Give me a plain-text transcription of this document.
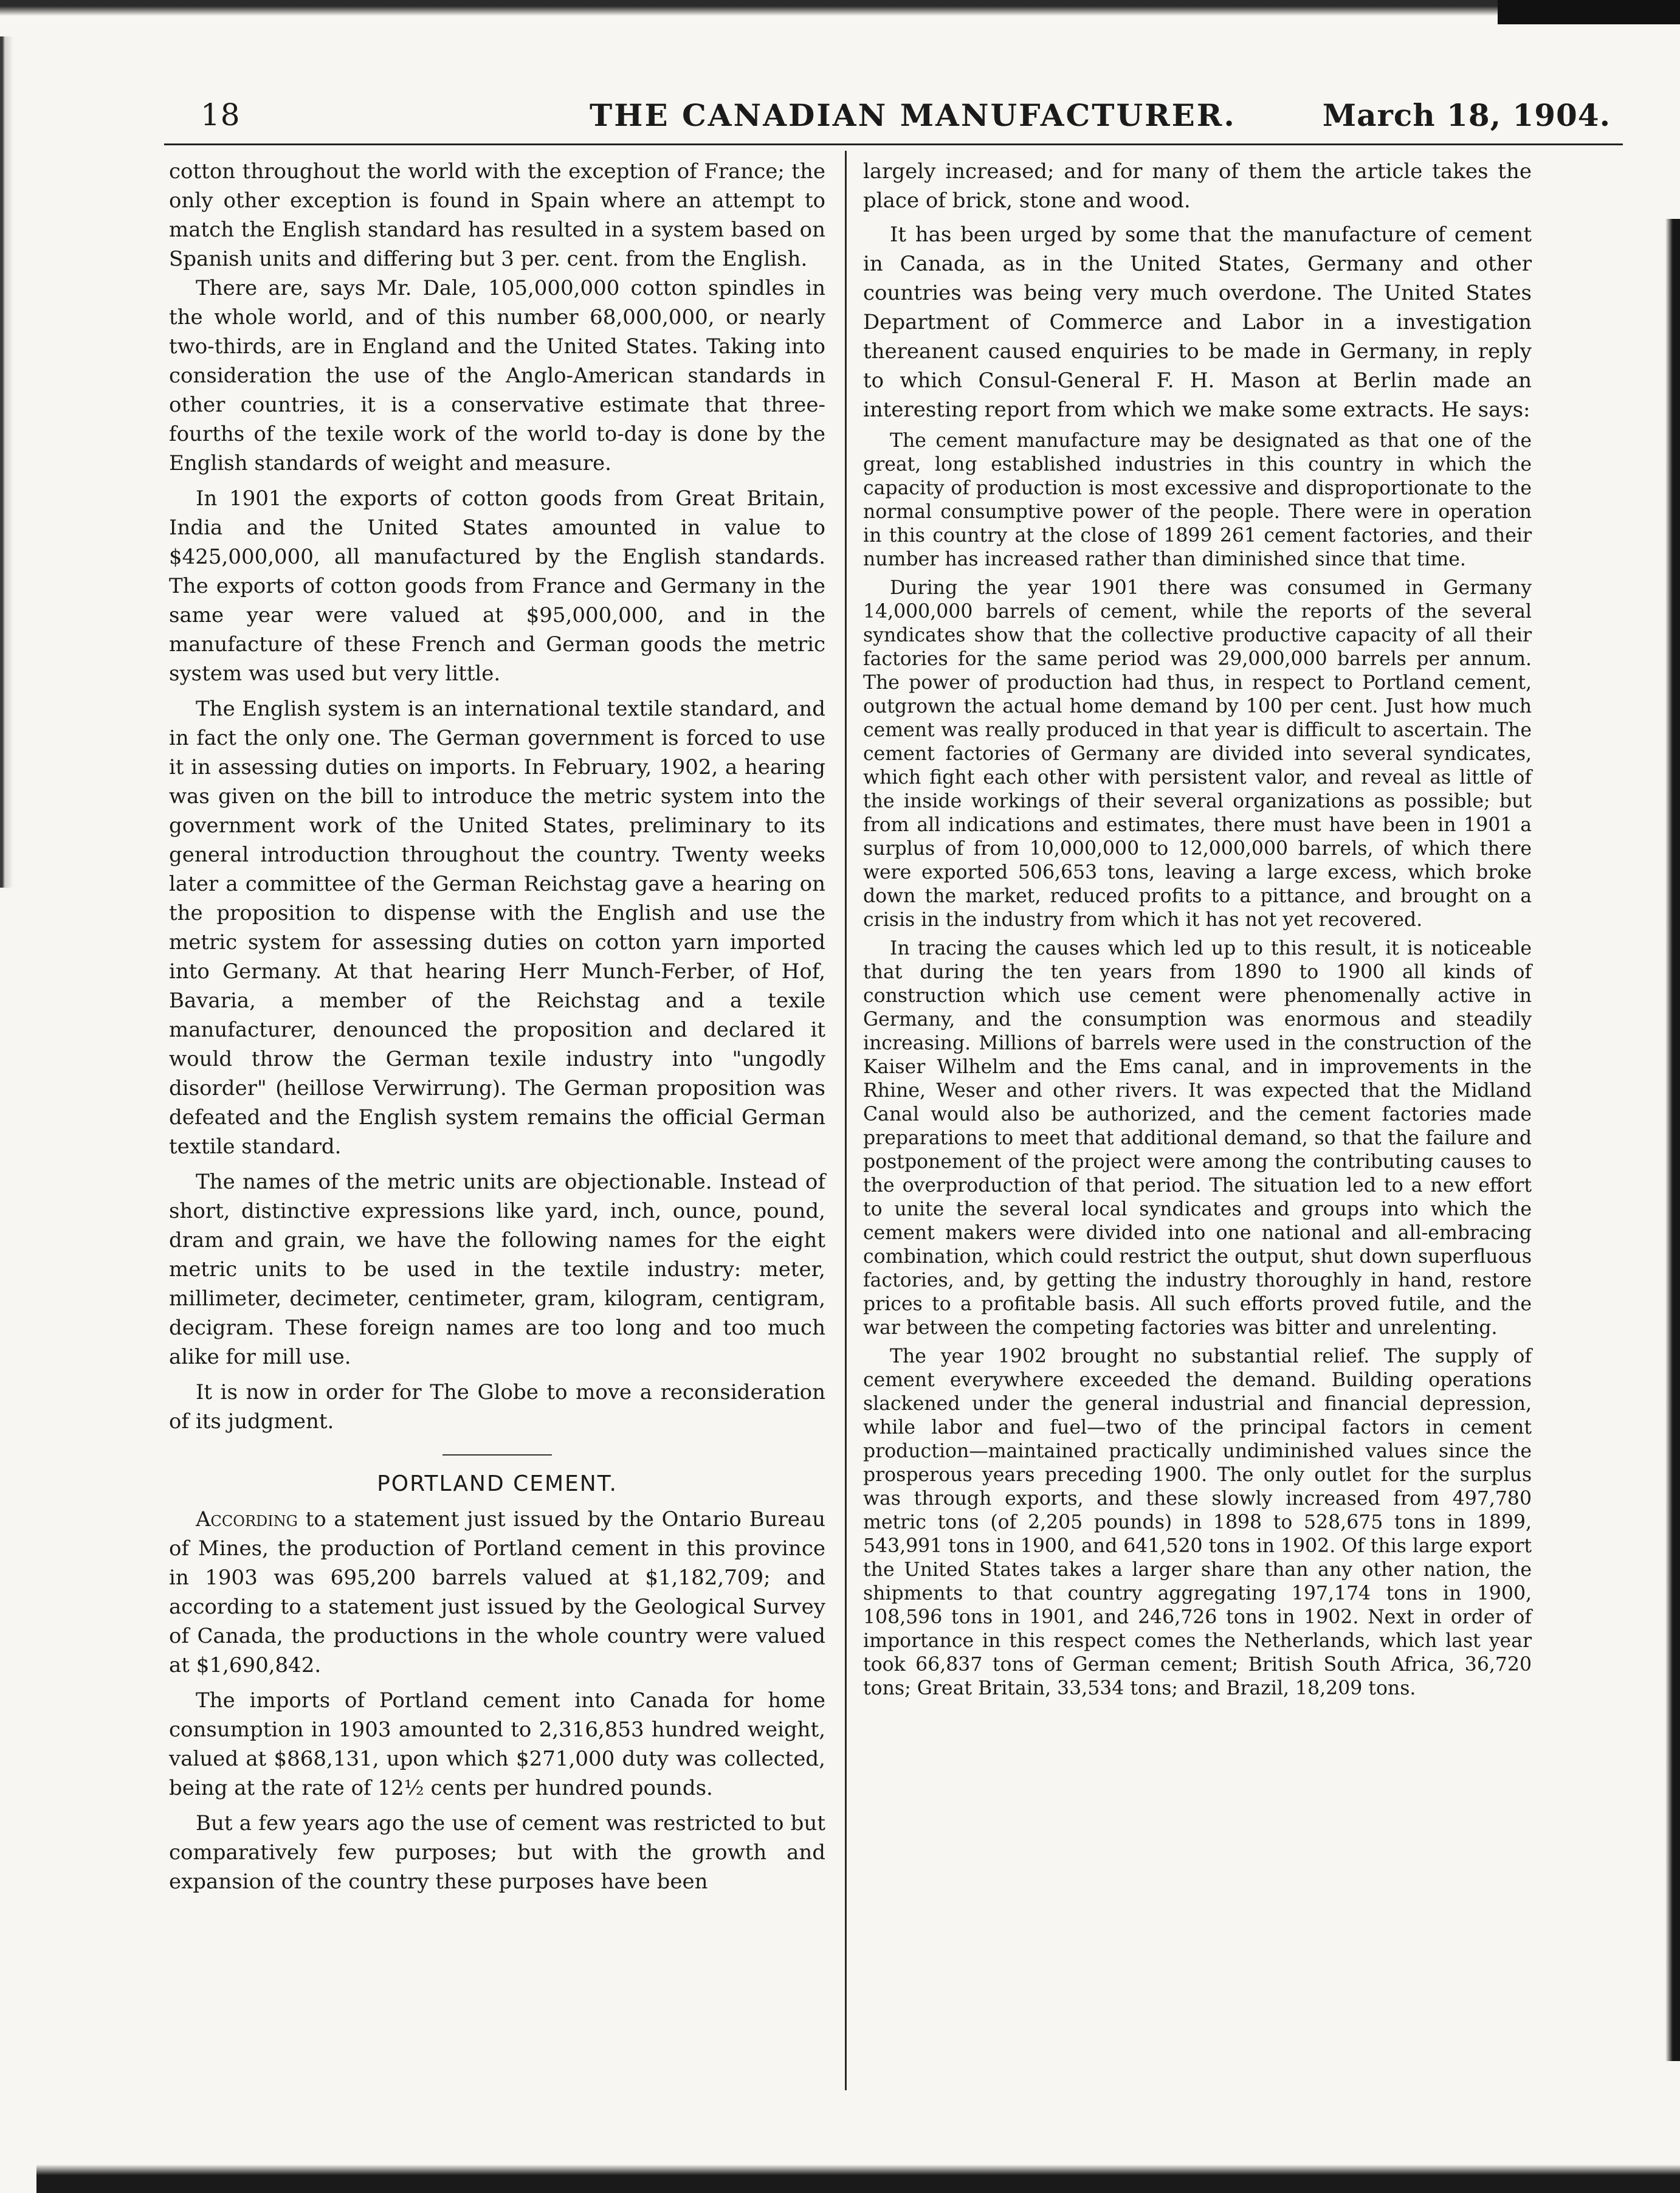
18	THE CANADIAN MANUFACTURER.	March 18, 1904.

cotton throughout the world with the exception of France; the only other exception is found in Spain where an attempt to match the English standard has resulted in a system based on Spanish units and differing but 3 per. cent. from the English.

There are, says Mr. Dale, 105,000,000 cotton spindles in the whole world, and of this number 68,000,000, or nearly two-thirds, are in England and the United States. Taking into consideration the use of the Anglo-American standards in other countries, it is a conservative estimate that three-fourths of the texile work of the world to-day is done by the English standards of weight and measure.

In 1901 the exports of cotton goods from Great Britain, India and the United States amounted in value to $425,000,000, all manufactured by the English standards. The exports of cotton goods from France and Germany in the same year were valued at $95,000,000, and in the manufacture of these French and German goods the metric system was used but very little.

The English system is an international textile standard, and in fact the only one. The German government is forced to use it in assessing duties on imports. In February, 1902, a hearing was given on the bill to introduce the metric system into the government work of the United States, preliminary to its general introduction throughout the country. Twenty weeks later a committee of the German Reichstag gave a hearing on the proposition to dispense with the English and use the metric system for assessing duties on cotton yarn imported into Germany. At that hearing Herr Munch-Ferber, of Hof, Bavaria, a member of the Reichstag and a texile manufacturer, denounced the proposition and declared it would throw the German texile industry into "ungodly disorder" (heillose Verwirrung). The German proposition was defeated and the English system remains the official German textile standard.

The names of the metric units are objectionable. Instead of short, distinctive expressions like yard, inch, ounce, pound, dram and grain, we have the following names for the eight metric units to be used in the textile industry: meter, millimeter, decimeter, centimeter, gram, kilogram, centigram, decigram. These foreign names are too long and too much alike for mill use.

It is now in order for The Globe to move a reconsideration of its judgment.

PORTLAND CEMENT.

According to a statement just issued by the Ontario Bureau of Mines, the production of Portland cement in this province in 1903 was 695,200 barrels valued at $1,182,709; and according to a statement just issued by the Geological Survey of Canada, the productions in the whole country were valued at $1,690,842.

The imports of Portland cement into Canada for home consumption in 1903 amounted to 2,316,853 hundred weight, valued at $868,131, upon which $271,000 duty was collected, being at the rate of 12½ cents per hundred pounds.

But a few years ago the use of cement was restricted to but comparatively few purposes; but with the growth and expansion of the country these purposes have been

largely increased; and for many of them the article takes the place of brick, stone and wood.

It has been urged by some that the manufacture of cement in Canada, as in the United States, Germany and other countries was being very much overdone. The United States Department of Commerce and Labor in a investigation thereanent caused enquiries to be made in Germany, in reply to which Consul-General F. H. Mason at Berlin made an interesting report from which we make some extracts. He says:

The cement manufacture may be designated as that one of the great, long established industries in this country in which the capacity of production is most excessive and disproportionate to the normal consumptive power of the people. There were in operation in this country at the close of 1899 261 cement factories, and their number has increased rather than diminished since that time.

During the year 1901 there was consumed in Germany 14,000,000 barrels of cement, while the reports of the several syndicates show that the collective productive capacity of all their factories for the same period was 29,000,000 barrels per annum. The power of production had thus, in respect to Portland cement, outgrown the actual home demand by 100 per cent. Just how much cement was really produced in that year is difficult to ascertain. The cement factories of Germany are divided into several syndicates, which fight each other with persistent valor, and reveal as little of the inside workings of their several organizations as possible; but from all indications and estimates, there must have been in 1901 a surplus of from 10,000,000 to 12,000,000 barrels, of which there were exported 506,653 tons, leaving a large excess, which broke down the market, reduced profits to a pittance, and brought on a crisis in the industry from which it has not yet recovered.

In tracing the causes which led up to this result, it is noticeable that during the ten years from 1890 to 1900 all kinds of construction which use cement were phenomenally active in Germany, and the consumption was enormous and steadily increasing. Millions of barrels were used in the construction of the Kaiser Wilhelm and the Ems canal, and in improvements in the Rhine, Weser and other rivers. It was expected that the Midland Canal would also be authorized, and the cement factories made preparations to meet that additional demand, so that the failure and postponement of the project were among the contributing causes to the overproduction of that period. The situation led to a new effort to unite the several local syndicates and groups into which the cement makers were divided into one national and all-embracing combination, which could restrict the output, shut down superfluous factories, and, by getting the industry thoroughly in hand, restore prices to a profitable basis. All such efforts proved futile, and the war between the competing factories was bitter and unrelenting.

The year 1902 brought no substantial relief. The supply of cement everywhere exceeded the demand. Building operations slackened under the general industrial and financial depression, while labor and fuel—two of the principal factors in cement production—maintained practically undiminished values since the prosperous years preceding 1900. The only outlet for the surplus was through exports, and these slowly increased from 497,780 metric tons (of 2,205 pounds) in 1898 to 528,675 tons in 1899, 543,991 tons in 1900, and 641,520 tons in 1902. Of this large export the United States takes a larger share than any other nation, the shipments to that country aggregating 197,174 tons in 1900, 108,596 tons in 1901, and 246,726 tons in 1902. Next in order of importance in this respect comes the Netherlands, which last year took 66,837 tons of German cement; British South Africa, 36,720 tons; Great Britain, 33,534 tons; and Brazil, 18,209 tons.
